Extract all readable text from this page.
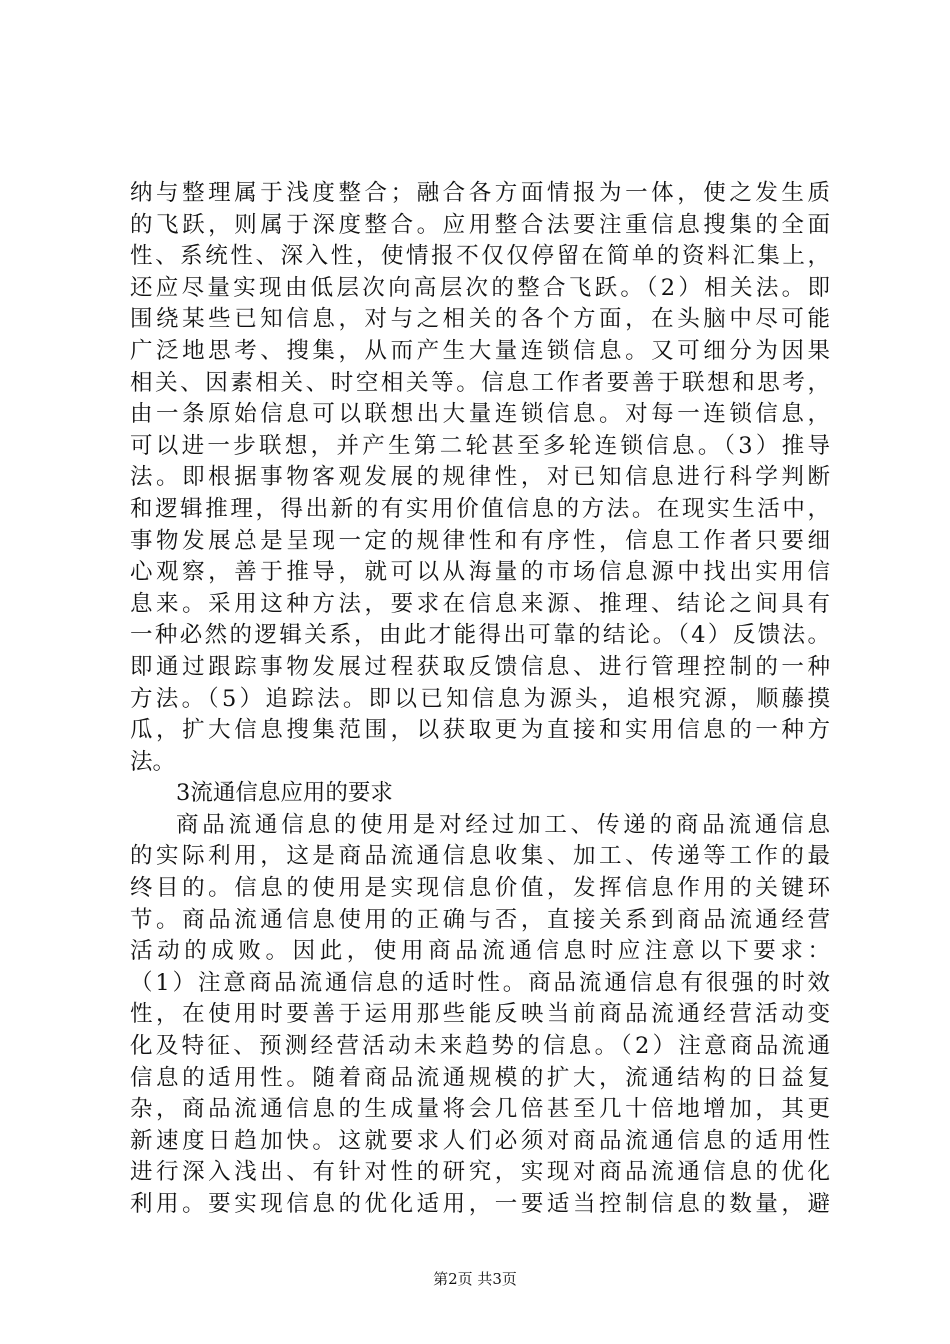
纳与整理属于浅度整合；融合各方面情报为一体，使之发生质
的飞跃，则属于深度整合。应用整合法要注重信息搜集的全面
性、系统性、深入性，使情报不仅仅停留在简单的资料汇集上，
还应尽量实现由低层次向高层次的整合飞跃。（2）相关法。即
围绕某些已知信息，对与之相关的各个方面，在头脑中尽可能
广泛地思考、搜集，从而产生大量连锁信息。又可细分为因果
相关、因素相关、时空相关等。信息工作者要善于联想和思考，
由一条原始信息可以联想出大量连锁信息。对每一连锁信息，
可以进一步联想，并产生第二轮甚至多轮连锁信息。（3）推导
法。即根据事物客观发展的规律性，对已知信息进行科学判断
和逻辑推理，得出新的有实用价值信息的方法。在现实生活中，
事物发展总是呈现一定的规律性和有序性，信息工作者只要细
心观察，善于推导，就可以从海量的市场信息源中找出实用信
息来。采用这种方法，要求在信息来源、推理、结论之间具有
一种必然的逻辑关系，由此才能得出可靠的结论。（4）反馈法。
即通过跟踪事物发展过程获取反馈信息、进行管理控制的一种
方法。（5）追踪法。即以已知信息为源头，追根究源，顺藤摸
瓜，扩大信息搜集范围，以获取更为直接和实用信息的一种方
法。
3流通信息应用的要求
商品流通信息的使用是对经过加工、传递的商品流通信息
的实际利用，这是商品流通信息收集、加工、传递等工作的最
终目的。信息的使用是实现信息价值，发挥信息作用的关键环
节。商品流通信息使用的正确与否，直接关系到商品流通经营
活动的成败。因此，使用商品流通信息时应注意以下要求：
（1）注意商品流通信息的适时性。商品流通信息有很强的时效
性，在使用时要善于运用那些能反映当前商品流通经营活动变
化及特征、预测经营活动未来趋势的信息。（2）注意商品流通
信息的适用性。随着商品流通规模的扩大，流通结构的日益复
杂，商品流通信息的生成量将会几倍甚至几十倍地增加，其更
新速度日趋加快。这就要求人们必须对商品流通信息的适用性
进行深入浅出、有针对性的研究，实现对商品流通信息的优化
利用。要实现信息的优化适用，一要适当控制信息的数量，避
第2页 共3页
